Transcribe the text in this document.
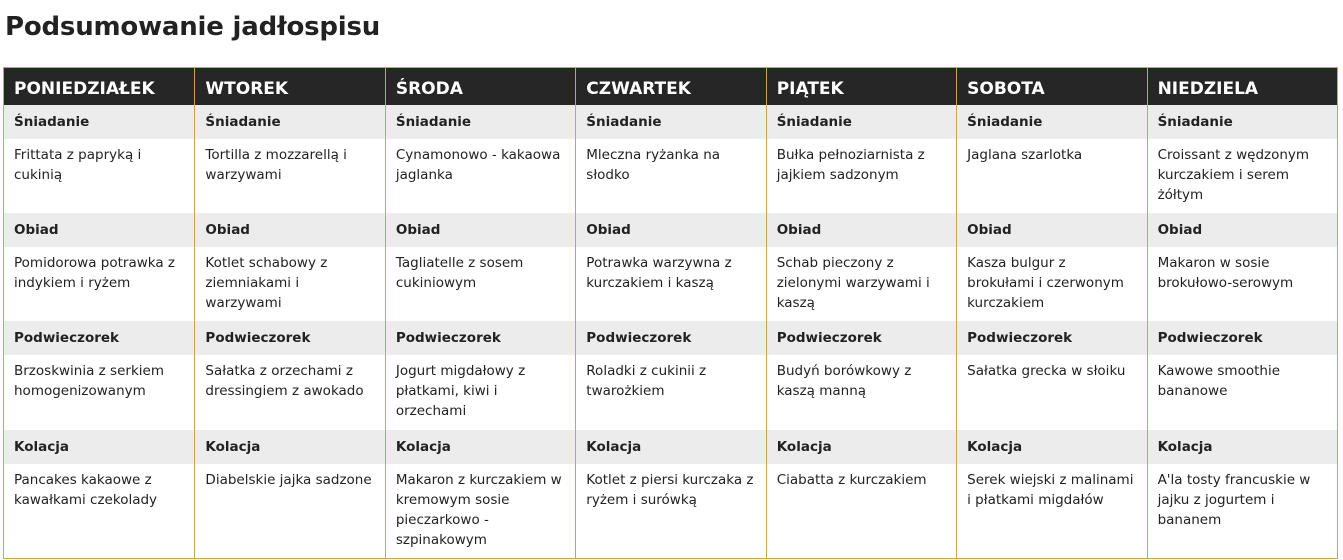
Podsumowanie jadłospisu
PONIEDZIAŁEK
Śniadanie
Frittata z papryką i cukinią
Obiad
Pomidorowa potrawka z indykiem i ryżem
Podwieczorek
Brzoskwinia z serkiem homogenizowanym
Kolacja
Pancakes kakaowe z kawałkami czekolady
WTOREK
Śniadanie
Tortilla z mozzarellą i warzywami
Obiad
Kotlet schabowy z ziemniakami i warzywami
Podwieczorek
Sałatka z orzechami z dressingiem z awokado
Kolacja
Diabelskie jajka sadzone
ŚRODA
Śniadanie
Cynamonowo - kakaowa jaglanka
Obiad
Tagliatelle z sosem cukiniowym
Podwieczorek
Jogurt migdałowy z płatkami, kiwi i orzechami
Kolacja
Makaron z kurczakiem w kremowym sosie pieczarkowo - szpinakowym
CZWARTEK
Śniadanie
Mleczna ryżanka na słodko
Obiad
Potrawka warzywna z kurczakiem i kaszą
Podwieczorek
Roladki z cukinii z twarożkiem
Kolacja
Kotlet z piersi kurczaka z ryżem i surówką
PIĄTEK
Śniadanie
Bułka pełnoziarnista z jajkiem sadzonym
Obiad
Schab pieczony z zielonymi warzywami i kaszą
Podwieczorek
Budyń borówkowy z kaszą manną
Kolacja
Ciabatta z kurczakiem
SOBOTA
Śniadanie
Jaglana szarlotka
Obiad
Kasza bulgur z brokułami i czerwonym kurczakiem
Podwieczorek
Sałatka grecka w słoiku
Kolacja
Serek wiejski z malinami i płatkami migdałów
NIEDZIELA
Śniadanie
Croissant z wędzonym kurczakiem i serem żółtym
Obiad
Makaron w sosie brokułowo-serowym
Podwieczorek
Kawowe smoothie bananowe
Kolacja
A'la tosty francuskie w jajku z jogurtem i bananem
